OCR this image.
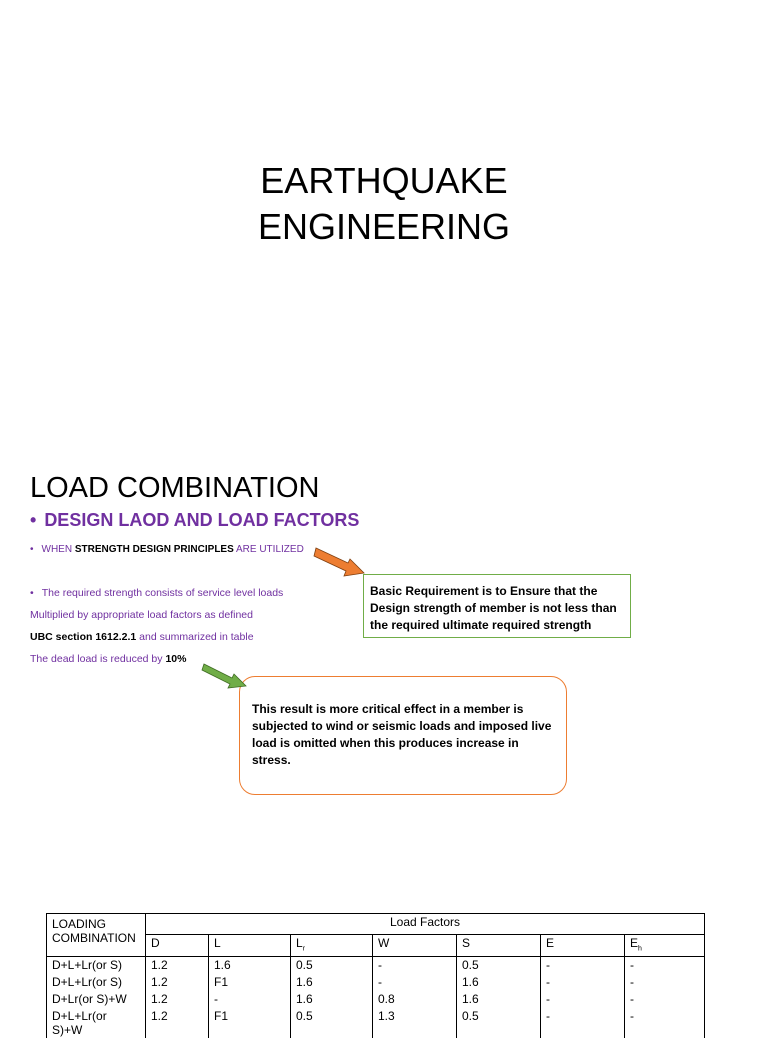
EARTHQUAKE
ENGINEERING
LOAD COMBINATION
• DESIGN LAOD AND LOAD FACTORS
• WHEN STRENGTH DESIGN PRINCIPLES ARE UTILIZED
• The required strength consists of service level loads
Multiplied by appropriate load factors as defined
UBC section 1612.2.1 and summarized in table
The dead load is reduced by 10%
Basic Requirement is to Ensure that the Design strength of member is not less than the required ultimate required strength
This result is more critical effect in a member is subjected to wind or seismic loads and imposed live load is omitted when this produces increase in stress.
LOADING COMBINATION	Load Factors						
	D	L	$L_r$	W	S	E	$E_h$
D+L+Lr(or S)	1.2	1.6	0.5	-	0.5	-	-
D+L+Lr(or S)	1.2	F1	1.6	-	1.6	-	-
D+Lr(or S)+W	1.2	-	1.6	0.8	1.6	-	-
D+L+Lr(or S)+W	1.2	F1	0.5	1.3	0.5	-	-
